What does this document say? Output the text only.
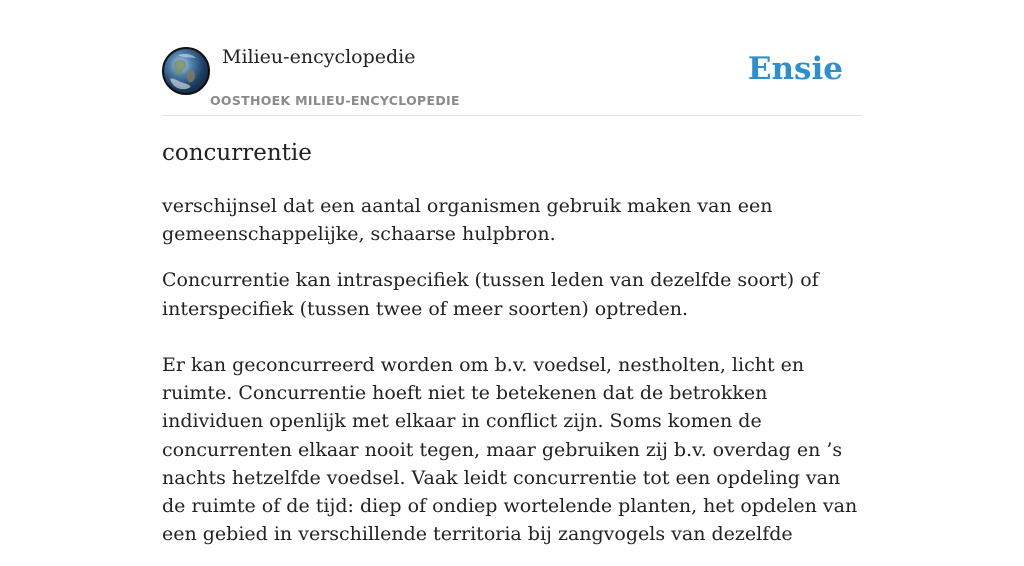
Milieu-encyclopedie
OOSTHOEK MILIEU-ENCYCLOPEDIE
Ensie
concurrentie

verschijnsel dat een aantal organismen gebruik maken van een gemeenschappelijke, schaarse hulpbron.

Concurrentie kan intraspecifiek (tussen leden van dezelfde soort) of interspecifiek (tussen twee of meer soorten) optreden.

Er kan geconcurreerd worden om b.v. voedsel, nestholten, licht en ruimte. Concurrentie hoeft niet te betekenen dat de betrokken individuen openlijk met elkaar in conflict zijn. Soms komen de concurrenten elkaar nooit tegen, maar gebruiken zij b.v. overdag en ’s nachts hetzelfde voedsel. Vaak leidt concurrentie tot een opdeling van de ruimte of de tijd: diep of ondiep wortelende planten, het opdelen van een gebied in verschillende territoria bij zangvogels van dezelfde
